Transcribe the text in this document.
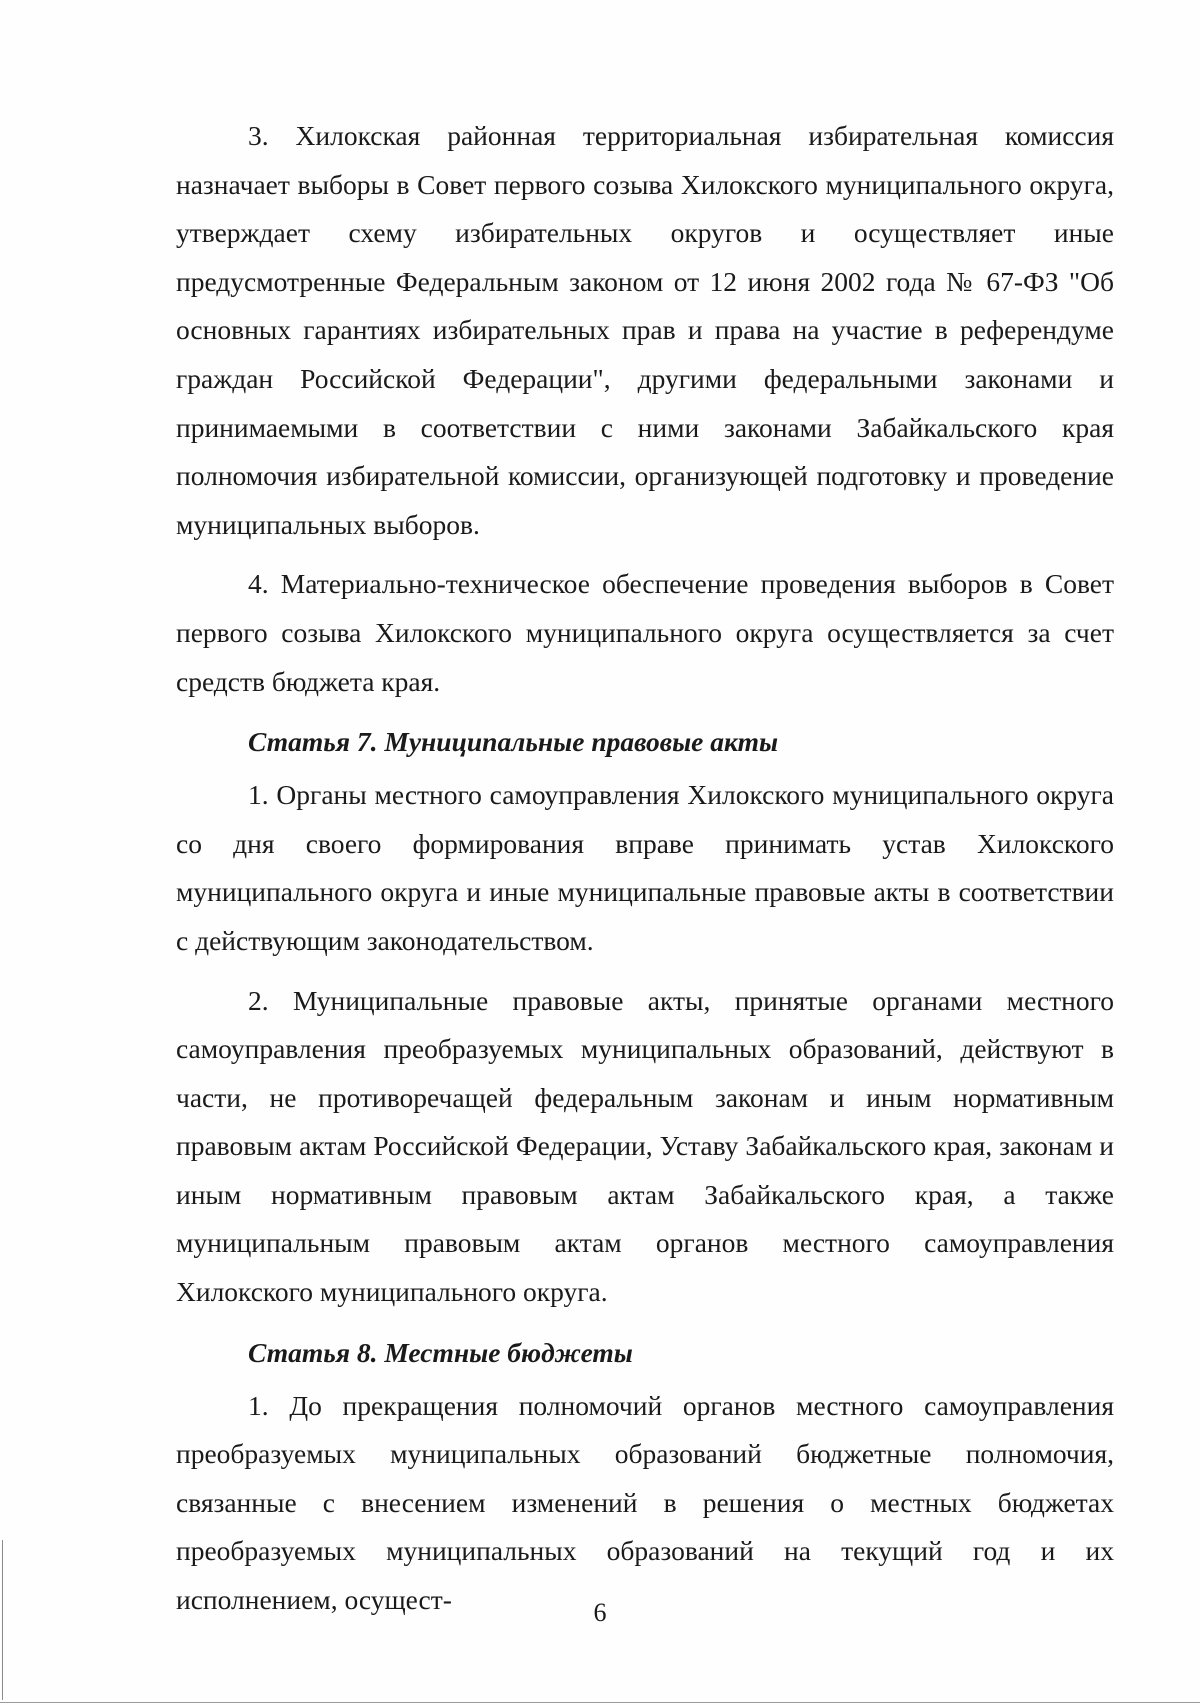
3. Хилокская районная территориальная избирательная комиссия назначает выборы в Совет первого созыва Хилокского муниципального округа, утверждает схему избирательных округов и осуществляет иные предусмотренные Федеральным законом от 12 июня 2002 года № 67-ФЗ "Об основных гарантиях избирательных прав и права на участие в референдуме граждан Российской Федерации", другими федеральными законами и принимаемыми в соответствии с ними законами Забайкальского края полномочия избирательной комиссии, организующей подготовку и проведение муниципальных выборов.

4. Материально-техническое обеспечение проведения выборов в Совет первого созыва Хилокского муниципального округа осуществляется за счет средств бюджета края.

Статья 7. Муниципальные правовые акты

1. Органы местного самоуправления Хилокского муниципального округа со дня своего формирования вправе принимать устав Хилокского муниципального округа и иные муниципальные правовые акты в соответствии с действующим законодательством.

2. Муниципальные правовые акты, принятые органами местного самоуправления преобразуемых муниципальных образований, действуют в части, не противоречащей федеральным законам и иным нормативным правовым актам Российской Федерации, Уставу Забайкальского края, законам и иным нормативным правовым актам Забайкальского края, а также муниципальным правовым актам органов местного самоуправления Хилокского муниципального округа.

Статья 8. Местные бюджеты

1. До прекращения полномочий органов местного самоуправления преобразуемых муниципальных образований бюджетные полномочия, связанные с внесением изменений в решения о местных бюджетах преобразуемых муниципальных образований на текущий год и их исполнением, осущест-	6
